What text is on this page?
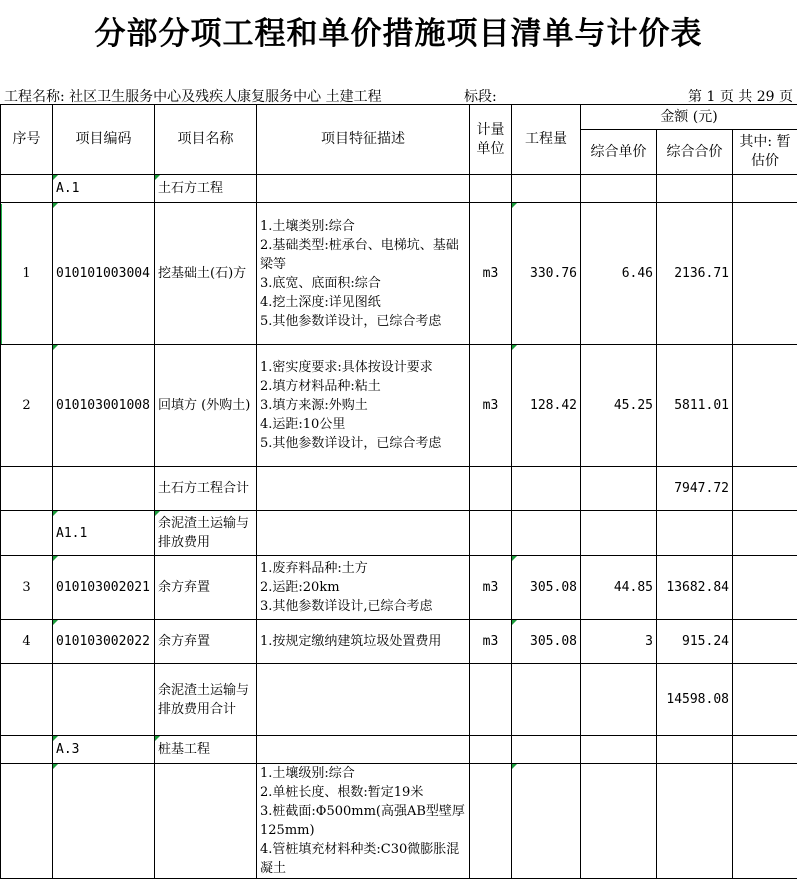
分部分项工程和单价措施项目清单与计价表
工程名称: 社区卫生服务中心及残疾人康复服务中心 土建工程	标段:	第 1 页 共 29 页
序号	项目编码	项目名称	项目特征描述	计量单位	工程量	金额 (元)		
						综合单价	综合合价	其中: 暂估价
	A.1	土石方工程						
1	010101003004	挖基础土(石)方	1.土壤类别:综合
2.基础类型:桩承台、电梯坑、基础梁等
3.底宽、底面积:综合
4.挖土深度:详见图纸
5.其他参数详设计，已综合考虑	m3	330.76	6.46	2136.71	
2	010103001008	回填方 (外购土)	1.密实度要求:具体按设计要求
2.填方材料品种:粘土
3.填方来源:外购土
4.运距:10公里
5.其他参数详设计，已综合考虑	m3	128.42	45.25	5811.01	
		土石方工程合计					7947.72	
	A1.1	余泥渣土运输与排放费用						
3	010103002021	余方弃置	1.废弃料品种:土方
2.运距:20km
3.其他参数详设计,已综合考虑	m3	305.08	44.85	13682.84	
4	010103002022	余方弃置	1.按规定缴纳建筑垃圾处置费用	m3	305.08	3	915.24	
		余泥渣土运输与排放费用合计					14598.08	
	A.3	桩基工程						

			1.土壤级别:综合
2.单桩长度、根数:暂定19米
3.桩截面:Φ500mm(高强AB型壁厚125mm)
4.管桩填充材料种类:C30微膨胀混凝土					
